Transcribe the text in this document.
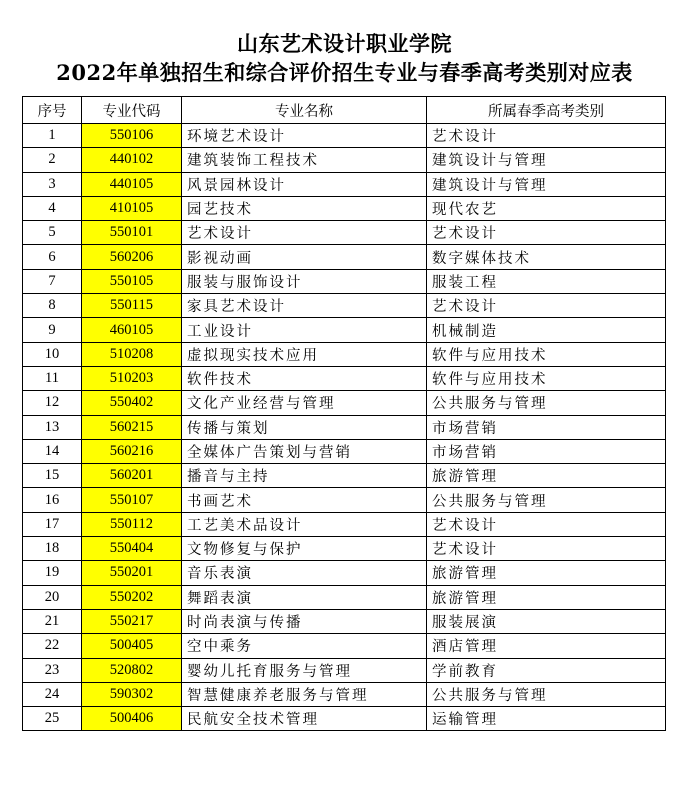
山东艺术设计职业学院
2022年单独招生和综合评价招生专业与春季高考类别对应表
序号	专业代码	专业名称	所属春季高考类别
1	550106	环境艺术设计	艺术设计
2	440102	建筑装饰工程技术	建筑设计与管理
3	440105	风景园林设计	建筑设计与管理
4	410105	园艺技术	现代农艺
5	550101	艺术设计	艺术设计
6	560206	影视动画	数字媒体技术
7	550105	服装与服饰设计	服装工程
8	550115	家具艺术设计	艺术设计
9	460105	工业设计	机械制造
10	510208	虚拟现实技术应用	软件与应用技术
11	510203	软件技术	软件与应用技术
12	550402	文化产业经营与管理	公共服务与管理
13	560215	传播与策划	市场营销
14	560216	全媒体广告策划与营销	市场营销
15	560201	播音与主持	旅游管理
16	550107	书画艺术	公共服务与管理
17	550112	工艺美术品设计	艺术设计
18	550404	文物修复与保护	艺术设计
19	550201	音乐表演	旅游管理
20	550202	舞蹈表演	旅游管理
21	550217	时尚表演与传播	服装展演
22	500405	空中乘务	酒店管理
23	520802	婴幼儿托育服务与管理	学前教育
24	590302	智慧健康养老服务与管理	公共服务与管理
25	500406	民航安全技术管理	运输管理
